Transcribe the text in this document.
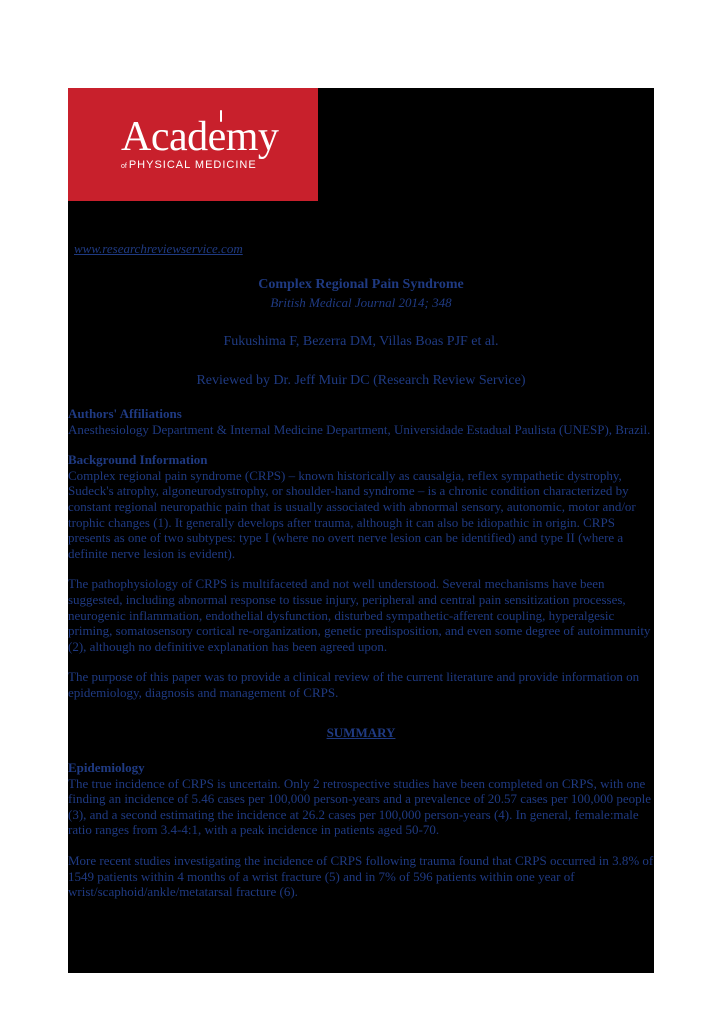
Academy
of PHYSICAL MEDICINE
www.researchreviewservice.com
Complex Regional Pain Syndrome
British Medical Journal 2014; 348
Fukushima F, Bezerra DM, Villas Boas PJF et al.
Reviewed by Dr. Jeff Muir DC (Research Review Service)
Authors' Affiliations

Anesthesiology Department & Internal Medicine Department, Universidade Estadual Paulista (UNESP), Brazil.

Background Information

Complex regional pain syndrome (CRPS) – known historically as causalgia, reflex sympathetic dystrophy, Sudeck's atrophy, algoneurodystrophy, or shoulder-hand syndrome – is a chronic condition characterized by constant regional neuropathic pain that is usually associated with abnormal sensory, autonomic, motor and/or trophic changes (1). It generally develops after trauma, although it can also be idiopathic in origin. CRPS presents as one of two subtypes: type I (where no overt nerve lesion can be identified) and type II (where a definite nerve lesion is evident).

The pathophysiology of CRPS is multifaceted and not well understood. Several mechanisms have been suggested, including abnormal response to tissue injury, peripheral and central pain sensitization processes, neurogenic inflammation, endothelial dysfunction, disturbed sympathetic-afferent coupling, hyperalgesic priming, somatosensory cortical re-organization, genetic predisposition, and even some degree of autoimmunity (2), although no definitive explanation has been agreed upon.

The purpose of this paper was to provide a clinical review of the current literature and provide information on epidemiology, diagnosis and management of CRPS.

SUMMARY
Epidemiology

The true incidence of CRPS is uncertain. Only 2 retrospective studies have been completed on CRPS, with one finding an incidence of 5.46 cases per 100,000 person-years and a prevalence of 20.57 cases per 100,000 people (3), and a second estimating the incidence at 26.2 cases per 100,000 person-years (4). In general, female:male ratio ranges from 3.4-4:1, with a peak incidence in patients aged 50-70.

More recent studies investigating the incidence of CRPS following trauma found that CRPS occurred in 3.8% of 1549 patients within 4 months of a wrist fracture (5) and in 7% of 596 patients within one year of wrist/scaphoid/ankle/metatarsal fracture (6).
